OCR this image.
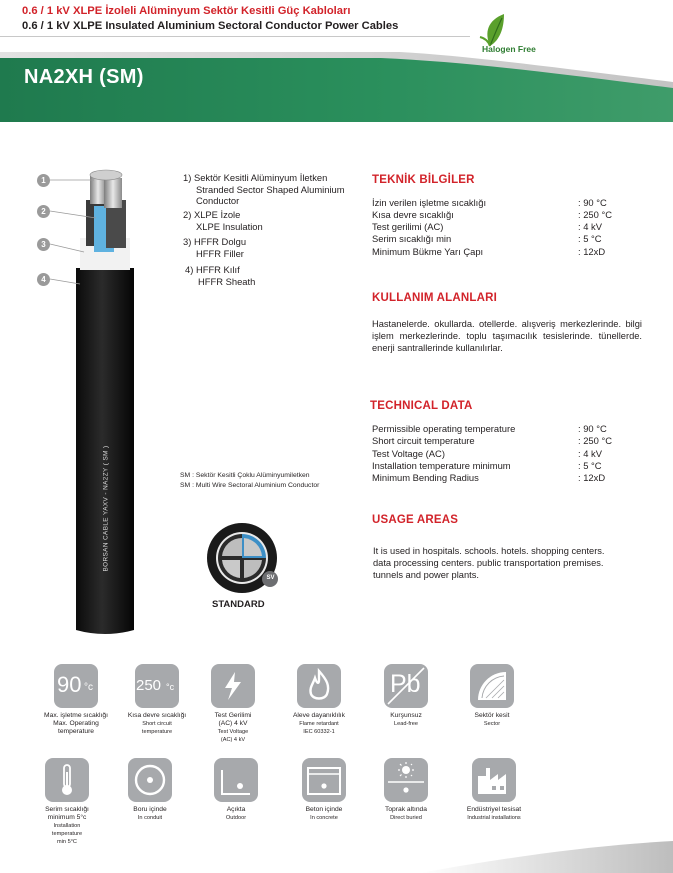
0.6 / 1 kV XLPE İzoleli Alüminyum Sektör Kesitli Güç Kabloları
0.6 / 1 kV XLPE Insulated Aluminium Sectoral Conductor Power Cables
Halogen Free
NA2XH (SM)
1
2
3
4
BORSAN CABLE YAXV - NA2ZY ( SM )
1) Sektör Kesitli Alüminyum İletken
Stranded Sector Shaped Aluminium
Conductor
2) XLPE İzole
XLPE Insulation
3) HFFR Dolgu
HFFR Filler
4) HFFR Kılıf
HFFR Sheath
SM : Sektör Kesitli Çoklu Alüminyumiletken
SM : Multi Wire Sectoral Aluminium Conductor
SV
STANDARD
TEKNİK BİLGİLER
İzin verilen işletme sıcaklığı	: 90 °C
Kısa devre sıcaklığı	: 250 °C
Test gerilimi (AC)	: 4 kV
Serim sıcaklığı min	: 5 °C
Minimum Bükme Yarı Çapı	: 12xD
KULLANIM ALANLARI
Hastanelerde. okullarda. otellerde. alışveriş merkezlerinde. bilgi işlem merkezlerinde. toplu taşımacılık tesislerinde. tünellerde. enerji santrallerinde kullanılırlar.
TECHNICAL DATA
Permissible operating temperature	: 90 °C
Short circuit temperature	: 250 °C
Test Voltage (AC)	: 4 kV
Installation temperature minimum	: 5 °C
Minimum Bending Radius	: 12xD
USAGE AREAS
It is used in hospitals. schools. hotels. shopping centers.
data processing centers. public transportation premises.
tunnels and power plants.
90 °c
Max. işletme sıcaklığı
Max. Operating
temperature
250 °c
Kısa devre sıcaklığı
Short circuit
temperature
Test Gerilimi
(AC) 4 kV
Test Voltage
(AC) 4 kV
Aleve dayanıklılık
Flame retardant
IEC 60332-1
Pb
Kurşunsuz
Lead-free
Sektör kesit
Sector
Serim sıcaklığı
minimum 5°c
Installation
temperature
min 5°C
Boru içinde
In conduit
Açıkta
Outdoor
Beton içinde
In concrete
Toprak altında
Direct buried
Endüstriyel tesisat
Industrial installations
